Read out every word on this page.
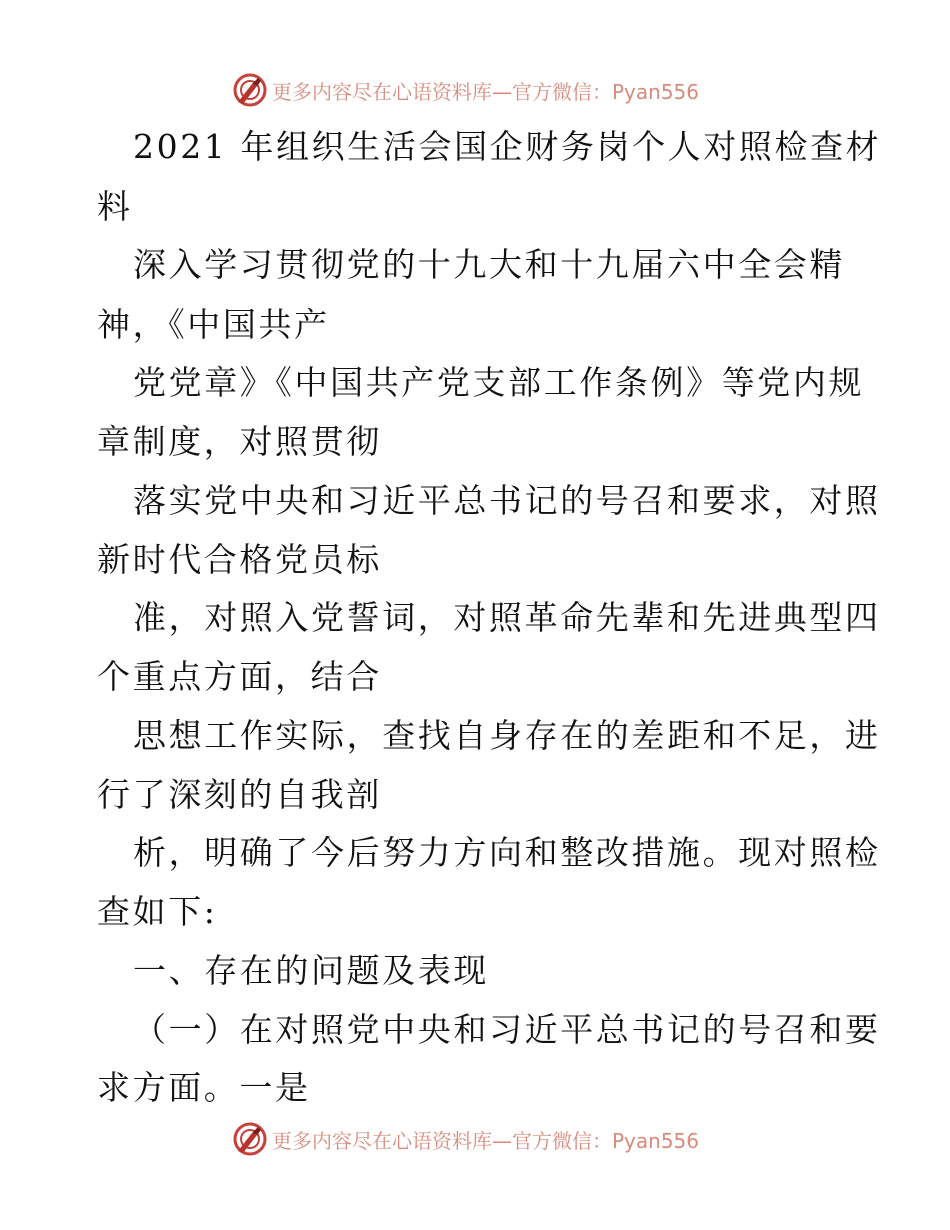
更多内容尽在心语资料库—官方微信：Pyan556
2021 年组织生活会国企财务岗个人对照检查材
料
深入学习贯彻党的十九大和十九届六中全会精
神，《中国共产
党党章》《中国共产党支部工作条例》等党内规
章制度，对照贯彻
落实党中央和习近平总书记的号召和要求，对照
新时代合格党员标
准，对照入党誓词，对照革命先辈和先进典型四
个重点方面，结合
思想工作实际，查找自身存在的差距和不足，进
行了深刻的自我剖
析，明确了今后努力方向和整改措施。现对照检
查如下:
一、存在的问题及表现
（一）在对照党中央和习近平总书记的号召和要
求方面。一是
更多内容尽在心语资料库—官方微信：Pyan556
